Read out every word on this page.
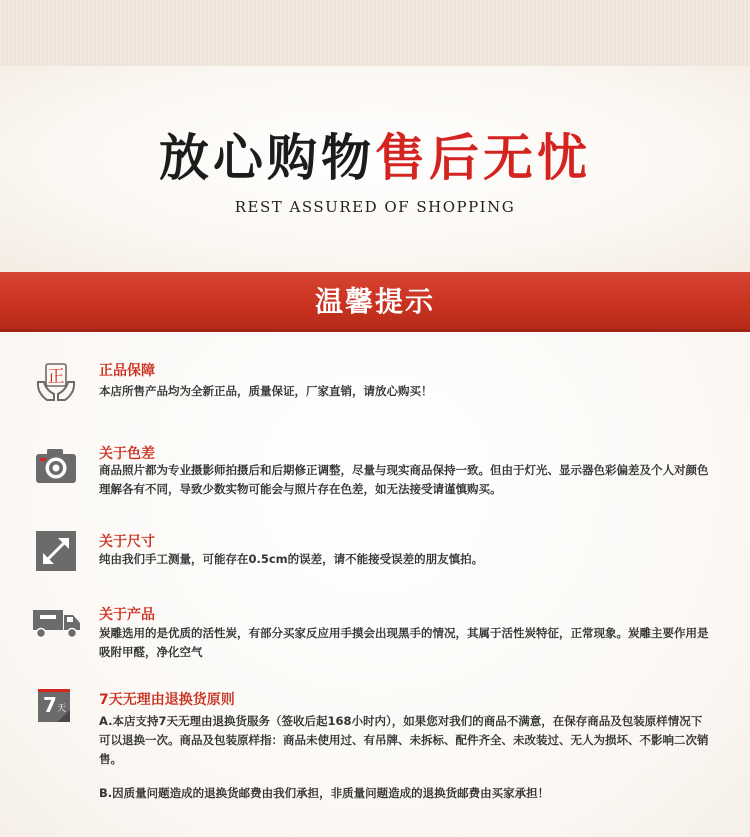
放心购物售后无忧
REST ASSURED OF SHOPPING
温馨提示
正 正品保障
本店所售产品均为全新正品，质量保证，厂家直销，请放心购买！
关于色差
商品照片都为专业摄影师拍摄后和后期修正调整，尽量与现实商品保持一致。但由于灯光、显示器色彩偏差及个人对颜色理解各有不同，导致少数实物可能会与照片存在色差，如无法接受请谨慎购买。
关于尺寸
纯由我们手工测量，可能存在0.5cm的误差，请不能接受误差的朋友慎拍。
关于产品
炭雕选用的是优质的活性炭，有部分买家反应用手摸会出现黑手的情况，其属于活性炭特征，正常现象。炭雕主要作用是吸附甲醛，净化空气
7 天
7天无理由退换货原则
A.本店支持7天无理由退换货服务（签收后起168小时内），如果您对我们的商品不满意，在保存商品及包装原样情况下可以退换一次。商品及包装原样指：商品未使用过、有吊牌、未拆标、配件齐全、未改装过、无人为损坏、不影响二次销售。
B.因质量问题造成的退换货邮费由我们承担，非质量问题造成的退换货邮费由买家承担！
